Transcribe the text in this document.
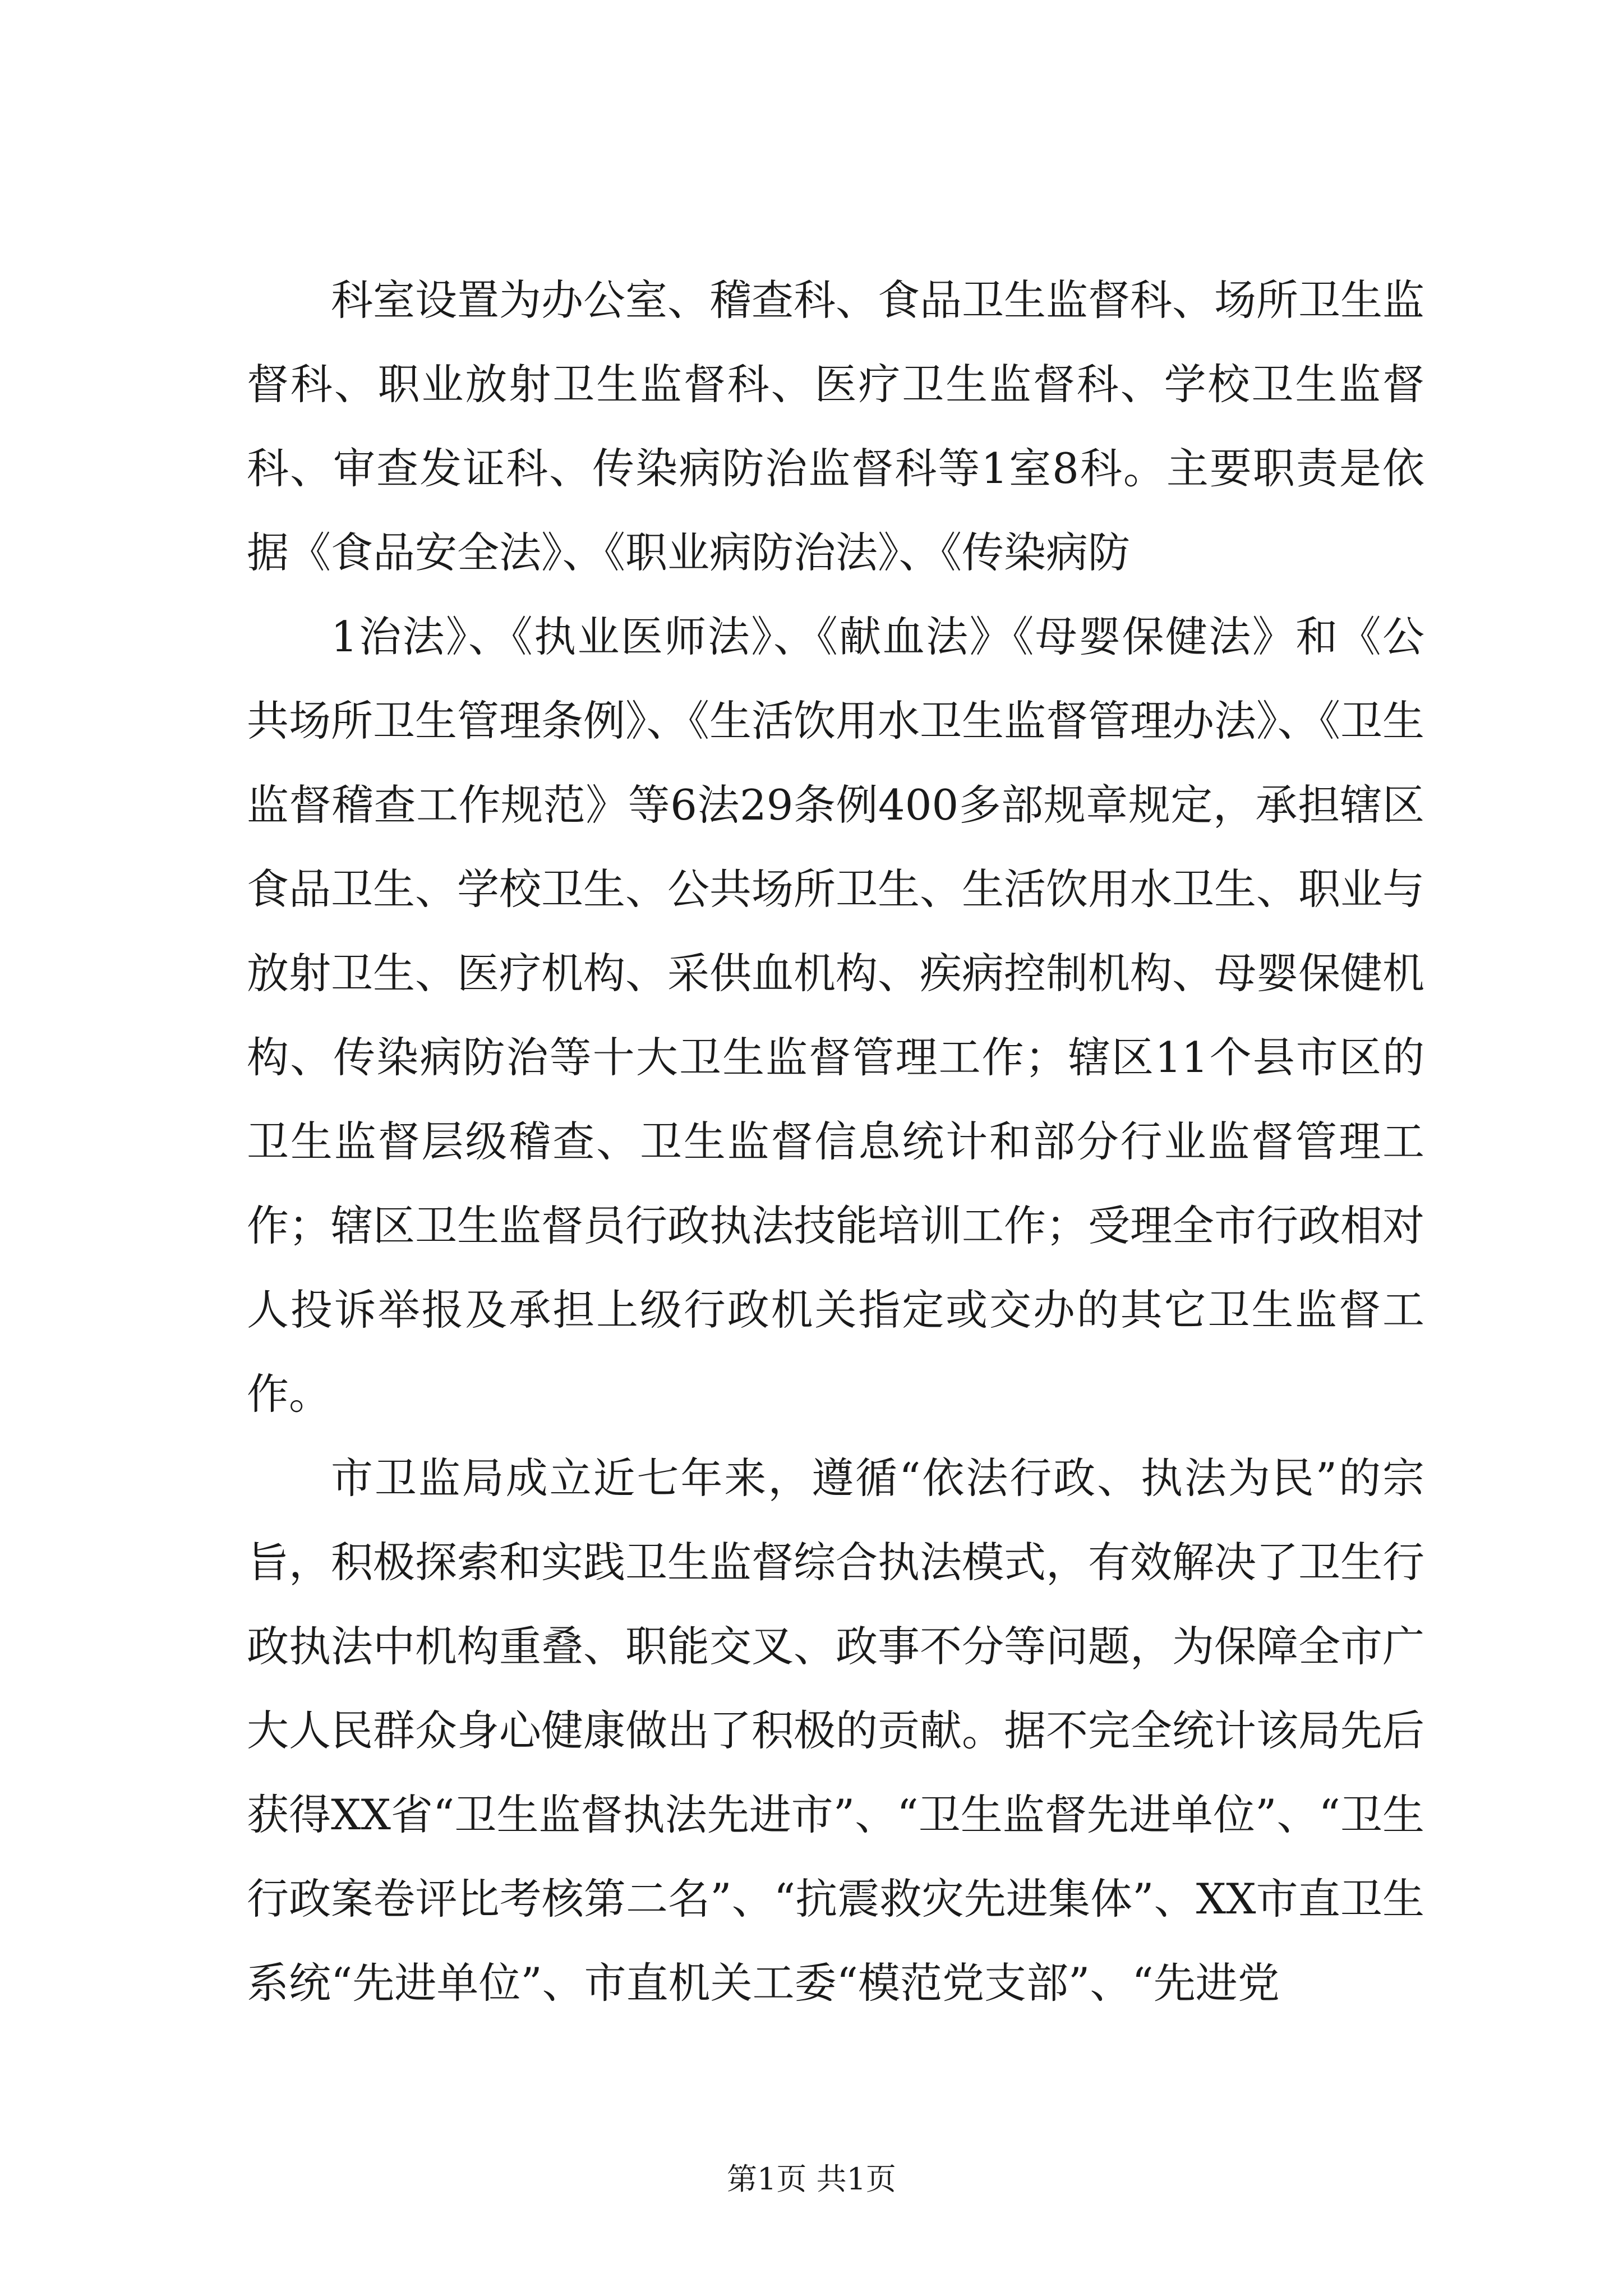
科室设置为办公室、稽查科、食品卫生监督科、场所卫生监督科、职业放射卫生监督科、医疗卫生监督科、学校卫生监督科、审查发证科、传染病防治监督科等1室8科。主要职责是依据《食品安全法》、《职业病防治法》、《传染病防

1治法》、《执业医师法》、《献血法》《母婴保健法》和《公共场所卫生管理条例》、《生活饮用水卫生监督管理办法》、《卫生监督稽查工作规范》等6法29条例400多部规章规定，承担辖区食品卫生、学校卫生、公共场所卫生、生活饮用水卫生、职业与放射卫生、医疗机构、采供血机构、疾病控制机构、母婴保健机构、传染病防治等十大卫生监督管理工作；辖区11个县市区的卫生监督层级稽查、卫生监督信息统计和部分行业监督管理工作；辖区卫生监督员行政执法技能培训工作；受理全市行政相对人投诉举报及承担上级行政机关指定或交办的其它卫生监督工作。

市卫监局成立近七年来，遵循“依法行政、执法为民”的宗旨，积极探索和实践卫生监督综合执法模式，有效解决了卫生行政执法中机构重叠、职能交叉、政事不分等问题，为保障全市广大人民群众身心健康做出了积极的贡献。据不完全统计该局先后获得XX省“卫生监督执法先进市”、“卫生监督先进单位”、“卫生行政案卷评比考核第二名”、“抗震救灾先进集体”、XX市直卫生系统“先进单位”、市直机关工委“模范党支部”、“先进党

第1页 共1页
